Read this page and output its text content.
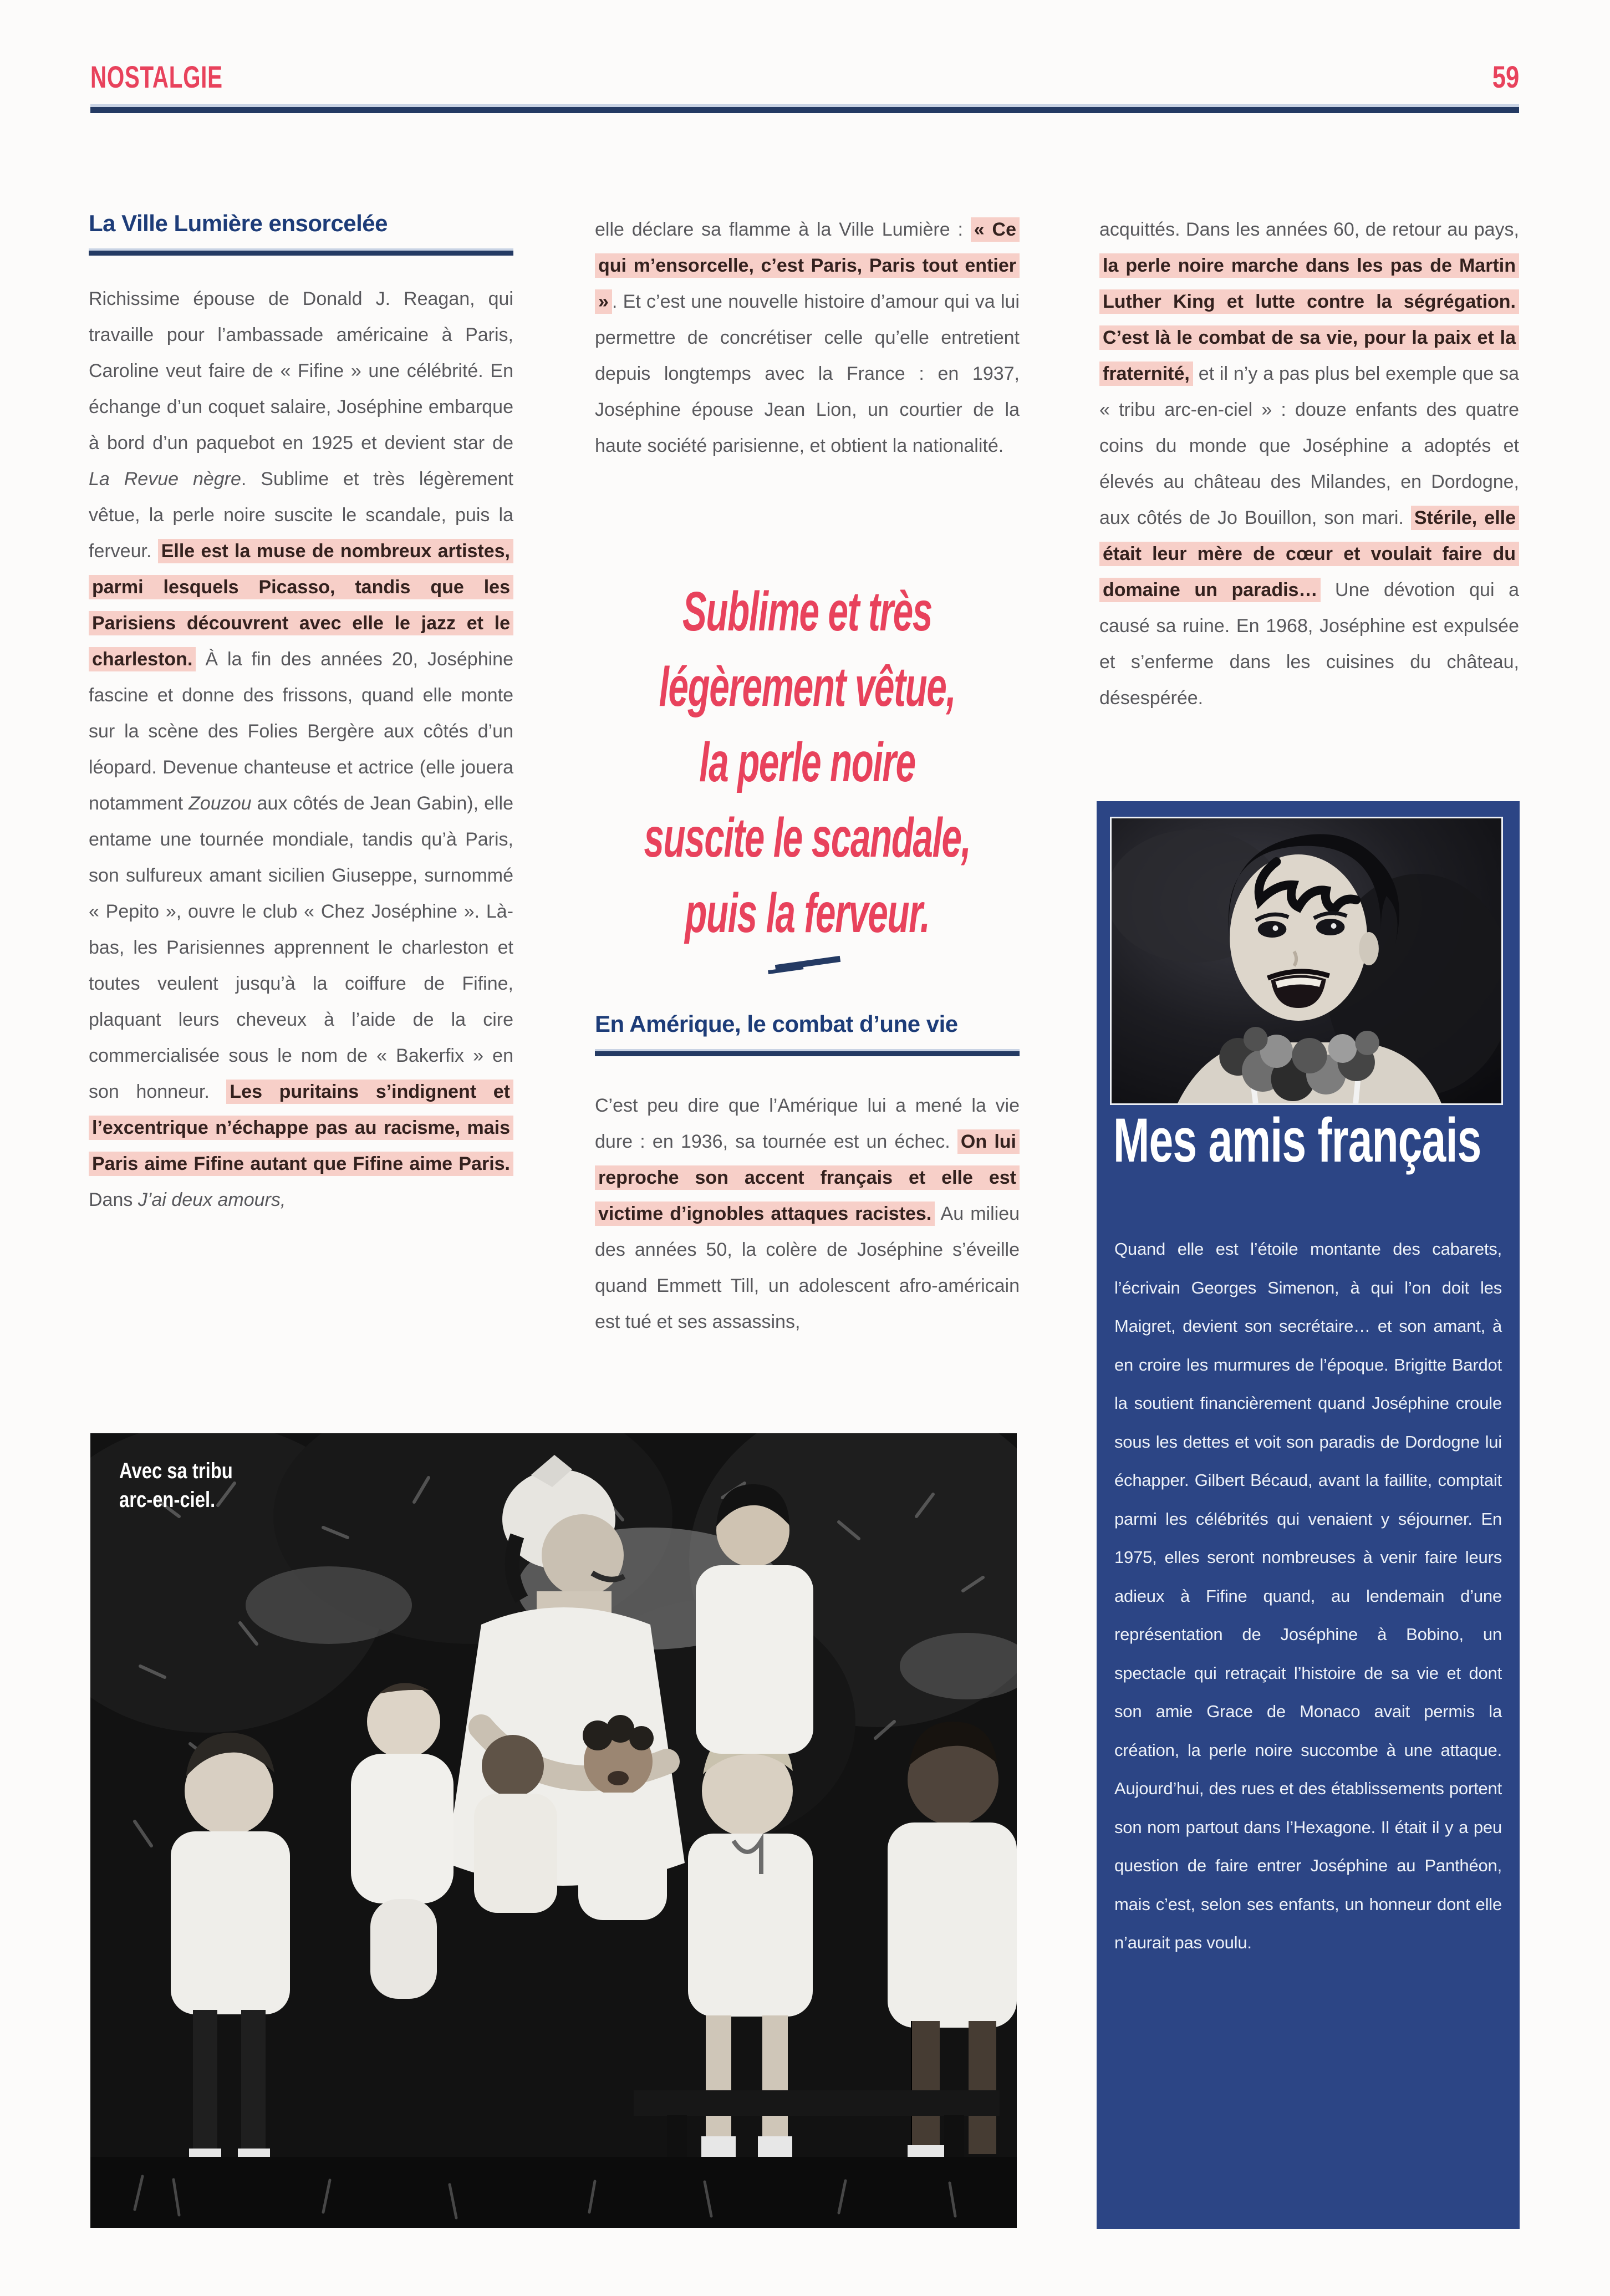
NOSTALGIE	59
La Ville Lumière ensorcelée

Richissime épouse de Donald J. Reagan, qui travaille pour l’ambassade américaine à Paris, Caroline veut faire de « Fifine » une célébrité. En échange d’un coquet salaire, Joséphine embarque à bord d’un paquebot en 1925 et devient star de La Revue nègre. Sublime et très légèrement vêtue, la perle noire suscite le scandale, puis la ferveur. Elle est la muse de nombreux artistes, parmi lesquels Picasso, tandis que les Parisiens découvrent avec elle le jazz et le charleston. À la fin des années 20, Joséphine fascine et donne des frissons, quand elle monte sur la scène des Folies Bergère aux côtés d’un léopard. Devenue chanteuse et actrice (elle jouera notamment Zouzou aux côtés de Jean Gabin), elle entame une tournée mondiale, tandis qu’à Paris, son sulfureux amant sicilien Giuseppe, surnommé « Pepito », ouvre le club « Chez Joséphine ». Là-bas, les Parisiennes apprennent le charleston et toutes veulent jusqu’à la coiffure de Fifine, plaquant leurs cheveux à l’aide de la cire commercialisée sous le nom de « Bakerfix » en son honneur. Les puritains s’indignent et l’excentrique n’échappe pas au racisme, mais Paris aime Fifine autant que Fifine aime Paris. Dans J’ai deux amours,

elle déclare sa flamme à la Ville Lumière : « Ce qui m’ensorcelle, c’est Paris, Paris tout entier » . Et c’est une nouvelle histoire d’amour qui va lui permettre de concrétiser celle qu’elle entretient depuis longtemps avec la France : en 1937, Joséphine épouse Jean Lion, un courtier de la haute société parisienne, et obtient la nationalité.

Sublime et très
légèrement vêtue,
la perle noire
suscite le scandale,
puis la ferveur.
En Amérique, le combat d’une vie

C’est peu dire que l’Amérique lui a mené la vie dure : en 1936, sa tournée est un échec. On lui reproche son accent français et elle est victime d’ignobles attaques racistes. Au milieu des années 50, la colère de Joséphine s’éveille quand Emmett Till, un adolescent afro-américain est tué et ses assassins,

acquittés. Dans les années 60, de retour au pays, la perle noire marche dans les pas de Martin Luther King et lutte contre la ségrégation. C’est là le combat de sa vie, pour la paix et la fraternité, et il n’y a pas plus bel exemple que sa « tribu arc-en-ciel » : douze enfants des quatre coins du monde que Joséphine a adoptés et élevés au château des Milandes, en Dordogne, aux côtés de Jo Bouillon, son mari. Stérile, elle était leur mère de cœur et voulait faire du domaine un paradis… Une dévotion qui a causé sa ruine. En 1968, Joséphine est expulsée et s’enferme dans les cuisines du château, désespérée.

Mes amis français

Quand elle est l’étoile montante des cabarets, l’écrivain Georges Simenon, à qui l’on doit les Maigret, devient son secrétaire… et son amant, à en croire les murmures de l’époque. Brigitte Bardot la soutient financièrement quand Joséphine croule sous les dettes et voit son paradis de Dordogne lui échapper. Gilbert Bécaud, avant la faillite, comptait parmi les célébrités qui venaient y séjourner. En 1975, elles seront nombreuses à venir faire leurs adieux à Fifine quand, au lendemain d’une représentation de Joséphine à Bobino, un spectacle qui retraçait l’histoire de sa vie et dont son amie Grace de Monaco avait permis la création, la perle noire succombe à une attaque. Aujourd’hui, des rues et des établissements portent son nom partout dans l’Hexagone. Il était il y a peu question de faire entrer Joséphine au Panthéon, mais c’est, selon ses enfants, un honneur dont elle n’aurait pas voulu.

Avec sa tribu
arc-en-ciel.
